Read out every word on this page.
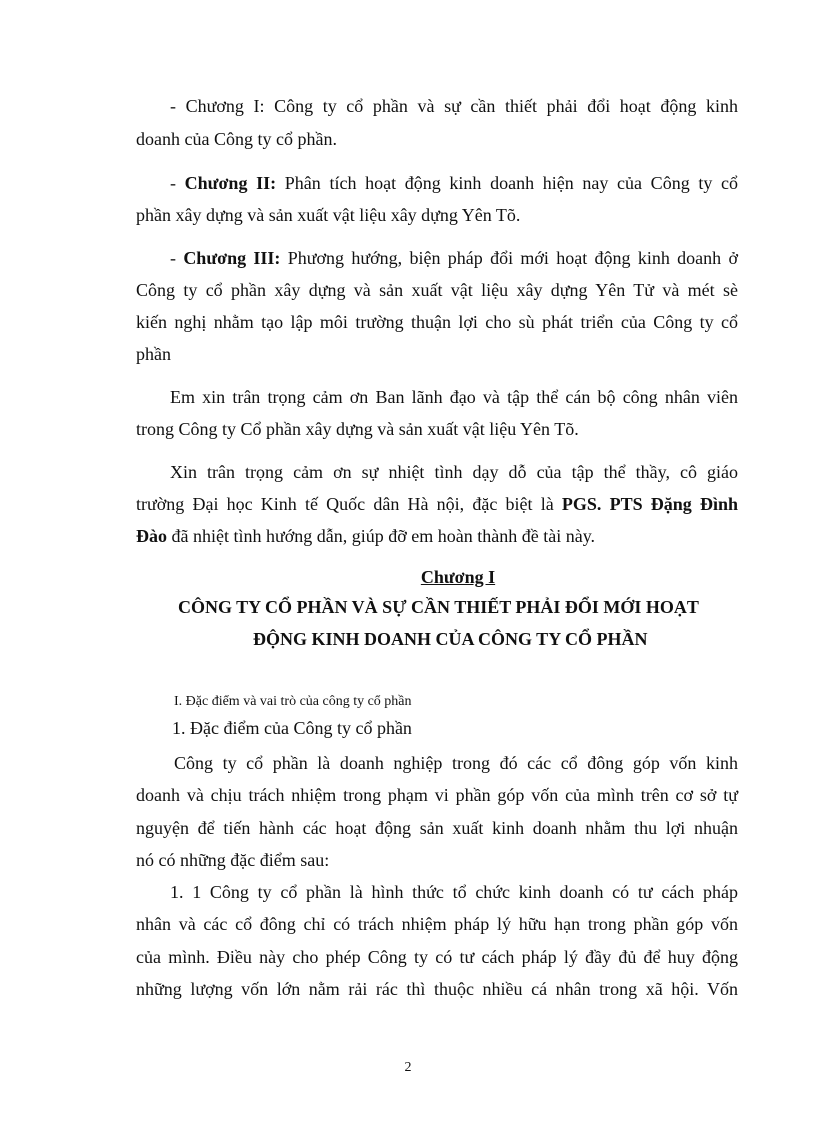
- Chương I: Công ty cổ phần và sự cần thiết phải đổi hoạt động kinh
doanh của Công ty cổ phần.
- Chương II: Phân tích hoạt động kinh doanh hiện nay của Công ty cổ
phần xây dựng và sản xuất vật liệu xây dựng Yên Tõ.
- Chương III: Phương hướng, biện pháp đổi mới hoạt động kinh doanh ở
Công ty cổ phần xây dựng và sản xuất vật liệu xây dựng Yên Tử và mét sè
kiến nghị nhằm tạo lập môi trường thuận lợi cho sù phát triển của Công ty cổ
phần
Em xin trân trọng cảm ơn Ban lãnh đạo và tập thể cán bộ công nhân viên
trong Công ty Cổ phần xây dựng và sản xuất vật liệu Yên Tõ.
Xin trân trọng cảm ơn sự nhiệt tình dạy dỗ của tập thể thầy, cô giáo
trường Đại học Kinh tế Quốc dân Hà nội, đặc biệt là PGS. PTS Đặng Đình
Đào đã nhiệt tình hướng dẫn, giúp đỡ em hoàn thành đề tài này.
Chương I
CÔNG TY CỔ PHẦN VÀ SỰ CẦN THIẾT PHẢI ĐỔI MỚI HOẠT
ĐỘNG KINH DOANH CỦA CÔNG TY CỔ PHẦN
I. Đặc điểm và vai trò của công ty cổ phần
1. Đặc điểm của Công ty cổ phần
Công ty cổ phần là doanh nghiệp trong đó các cổ đông góp vốn kinh
doanh và chịu trách nhiệm trong phạm vi phần góp vốn của mình trên cơ sở tự
nguyện để tiến hành các hoạt động sản xuất kinh doanh nhằm thu lợi nhuận
nó có những đặc điểm sau:
1. 1 Công ty cổ phần là hình thức tổ chức kinh doanh có tư cách pháp
nhân và các cổ đông chỉ có trách nhiệm pháp lý hữu hạn trong phần góp vốn
của mình. Điều này cho phép Công ty có tư cách pháp lý đầy đủ để huy động
những lượng vốn lớn nằm rải rác thì thuộc nhiều cá nhân trong xã hội. Vốn
2
